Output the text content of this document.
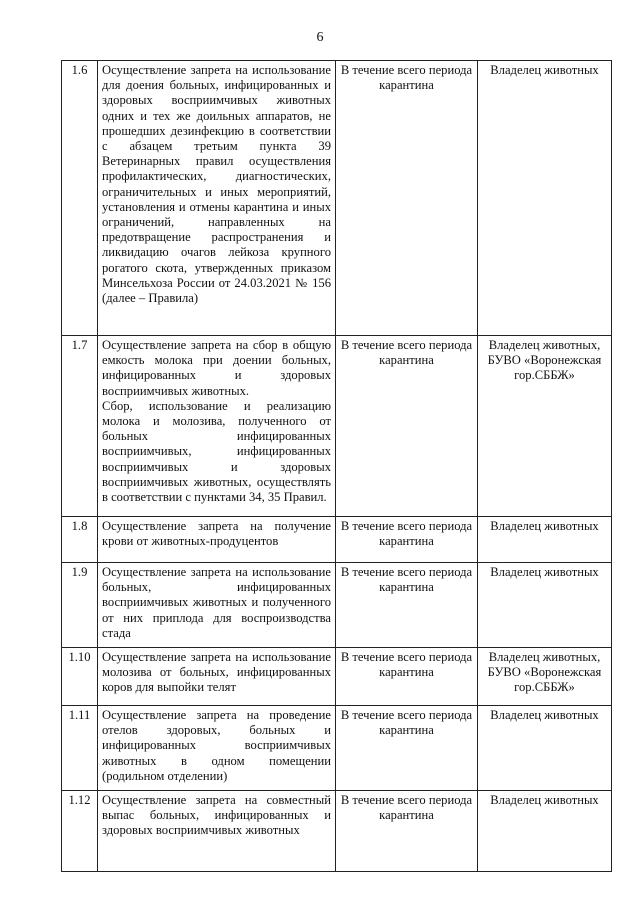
6
1.6	Осуществление запрета на использование для доения больных, инфицированных и здоровых восприимчивых животных одних и тех же доильных аппаратов, не прошедших дезинфекцию в соответствии с абзацем третьим пункта 39 Ветеринарных правил осуществления профилактических, диагностических, ограничительных и иных мероприятий, установления и отмены карантина и иных ограничений, направленных на предотвращение распространения и ликвидацию очагов лейкоза крупного рогатого скота, утвержденных приказом Минсельхоза России от 24.03.2021 № 156 (далее – Правила)	В течение всего периода карантина	Владелец животных
1.7	Осуществление запрета на сбор в общую емкость молока при доении больных, инфицированных и здоровых восприимчивых животных.
Сбор, использование и реализацию молока и молозива, полученного от больных инфицированных восприимчивых, инфицированных восприимчивых и здоровых восприимчивых животных, осуществлять в соответствии с пунктами 34, 35 Правил.	В течение всего периода карантина	Владелец животных, БУВО «Воронежская гор.СББЖ»
1.8	Осуществление запрета на получение крови от животных-продуцентов	В течение всего периода карантина	Владелец животных
1.9	Осуществление запрета на использование больных, инфицированных восприимчивых животных и полученного от них приплода для воспроизводства стада	В течение всего периода карантина	Владелец животных
1.10	Осуществление запрета на использование молозива от больных, инфицированных коров для выпойки телят	В течение всего периода карантина	Владелец животных, БУВО «Воронежская гор.СББЖ»
1.11	Осуществление запрета на проведение отелов здоровых, больных и инфицированных восприимчивых животных в одном помещении (родильном отделении)	В течение всего периода карантина	Владелец животных
1.12	Осуществление запрета на совместный выпас больных, инфицированных и здоровых восприимчивых животных	В течение всего периода карантина	Владелец животных
